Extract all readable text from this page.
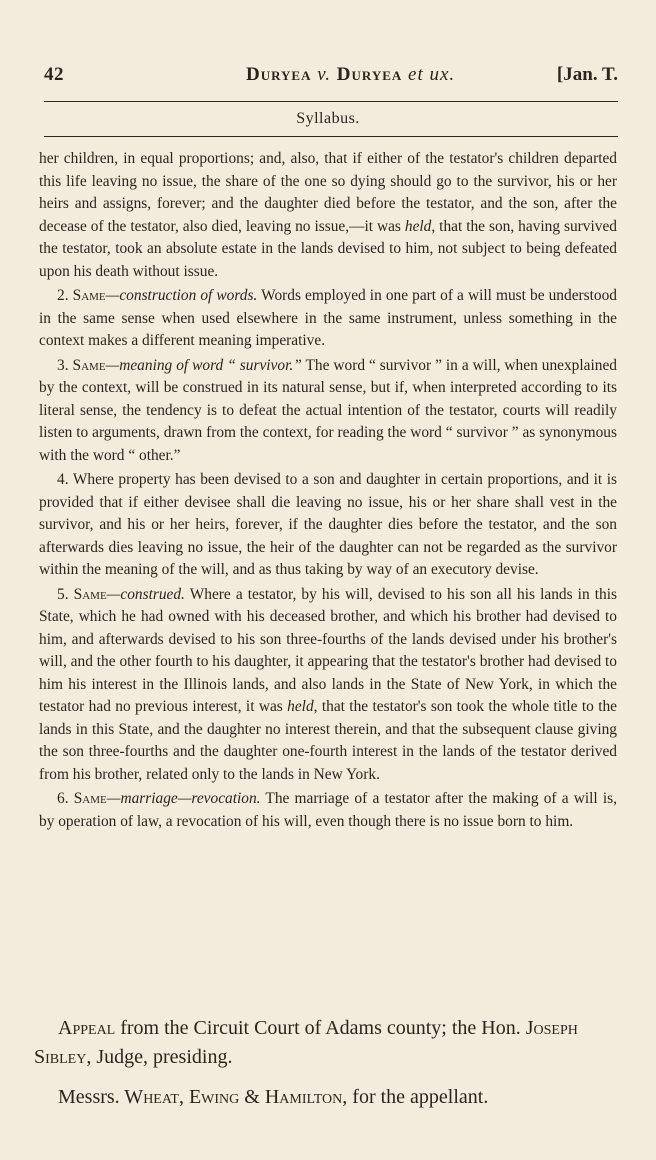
42	Duryea v. Duryea et ux.	[Jan. T.
Syllabus.

her children, in equal proportions; and, also, that if either of the testator's children departed this life leaving no issue, the share of the one so dying should go to the survivor, his or her heirs and assigns, forever; and the daughter died before the testator, and the son, after the decease of the testator, also died, leaving no issue,—it was held, that the son, having survived the testator, took an absolute estate in the lands devised to him, not subject to being defeated upon his death without issue.

2. Same—construction of words. Words employed in one part of a will must be understood in the same sense when used elsewhere in the same instrument, unless something in the context makes a different meaning imperative.

3. Same—meaning of word “ survivor.” The word “ survivor ” in a will, when unexplained by the context, will be construed in its natural sense, but if, when interpreted according to its literal sense, the tendency is to defeat the actual intention of the testator, courts will readily listen to arguments, drawn from the context, for reading the word “ survivor ” as synonymous with the word “ other.”

4. Where property has been devised to a son and daughter in certain proportions, and it is provided that if either devisee shall die leaving no issue, his or her share shall vest in the survivor, and his or her heirs, forever, if the daughter dies before the testator, and the son afterwards dies leaving no issue, the heir of the daughter can not be regarded as the survivor within the meaning of the will, and as thus taking by way of an executory devise.

5. Same—construed. Where a testator, by his will, devised to his son all his lands in this State, which he had owned with his deceased brother, and which his brother had devised to him, and afterwards devised to his son three-fourths of the lands devised under his brother's will, and the other fourth to his daughter, it appearing that the testator's brother had devised to him his interest in the Illinois lands, and also lands in the State of New York, in which the testator had no previous interest, it was held, that the testator's son took the whole title to the lands in this State, and the daughter no interest therein, and that the subsequent clause giving the son three-fourths and the daughter one-fourth interest in the lands of the testator derived from his brother, related only to the lands in New York.

6. Same—marriage—revocation. The marriage of a testator after the making of a will is, by operation of law, a revocation of his will, even though there is no issue born to him.

Appeal from the Circuit Court of Adams county; the Hon. Joseph Sibley, Judge, presiding.
Messrs. Wheat, Ewing & Hamilton, for the appellant.
